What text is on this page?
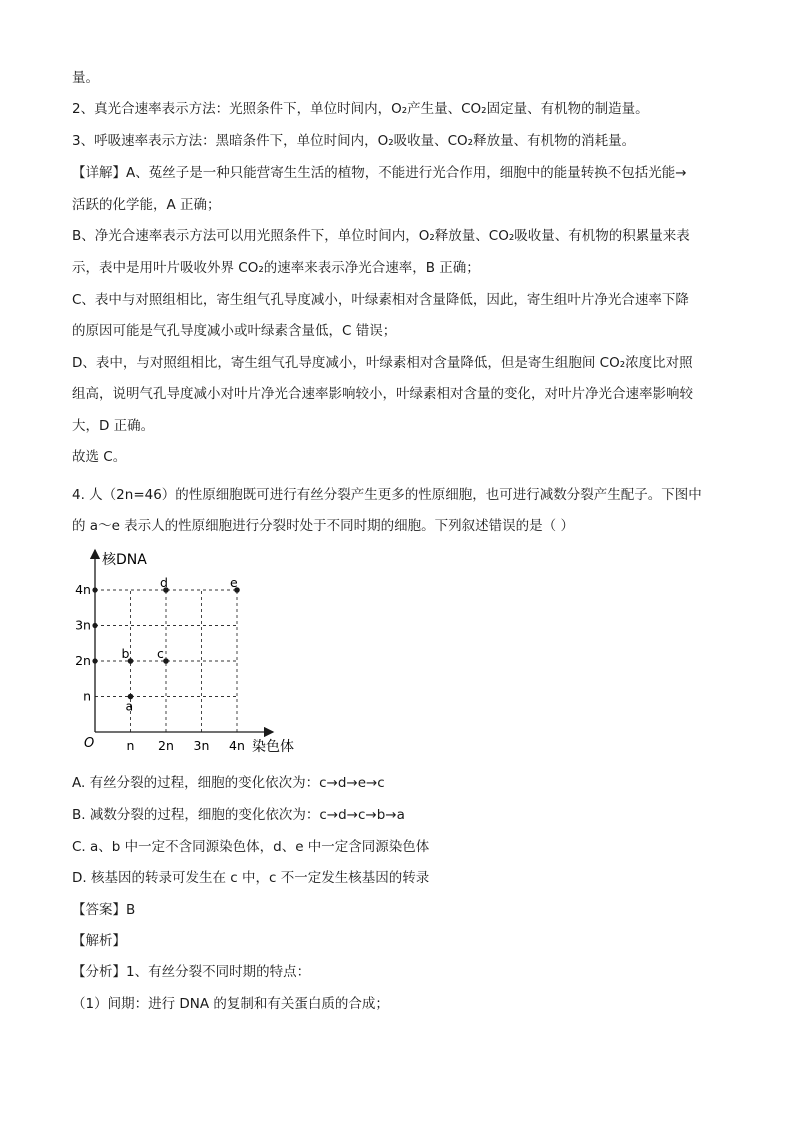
量。
2、真光合速率表示方法：光照条件下，单位时间内，O₂产生量、CO₂固定量、有机物的制造量。
3、呼吸速率表示方法：黑暗条件下，单位时间内，O₂吸收量、CO₂释放量、有机物的消耗量。
【详解】A、菟丝子是一种只能营寄生生活的植物，不能进行光合作用，细胞中的能量转换不包括光能→
活跃的化学能，A 正确；
B、净光合速率表示方法可以用光照条件下，单位时间内，O₂释放量、CO₂吸收量、有机物的积累量来表
示，表中是用叶片吸收外界 CO₂的速率来表示净光合速率，B 正确；
C、表中与对照组相比，寄生组气孔导度减小，叶绿素相对含量降低，因此，寄生组叶片净光合速率下降
的原因可能是气孔导度减小或叶绿素含量低，C 错误；
D、表中，与对照组相比，寄生组气孔导度减小，叶绿素相对含量降低，但是寄生组胞间 CO₂浓度比对照
组高，说明气孔导度减小对叶片净光合速率影响较小，叶绿素相对含量的变化，对叶片净光合速率影响较
大，D 正确。
故选 C。
4. 人（2n=46）的性原细胞既可进行有丝分裂产生更多的性原细胞，也可进行减数分裂产生配子。下图中
的 a～e 表示人的性原细胞进行分裂时处于不同时期的细胞。下列叙述错误的是（ ）
核DNA
染色体
O	n 2n 3n 4n
n
2n
3n
4n
a
b c
d	e
A. 有丝分裂的过程，细胞的变化依次为：c→d→e→c
B. 减数分裂的过程，细胞的变化依次为：c→d→c→b→a
C. a、b 中一定不含同源染色体，d、e 中一定含同源染色体
D. 核基因的转录可发生在 c 中，c 不一定发生核基因的转录
【答案】B
【解析】
【分析】1、有丝分裂不同时期的特点：
（1）间期：进行 DNA 的复制和有关蛋白质的合成；
